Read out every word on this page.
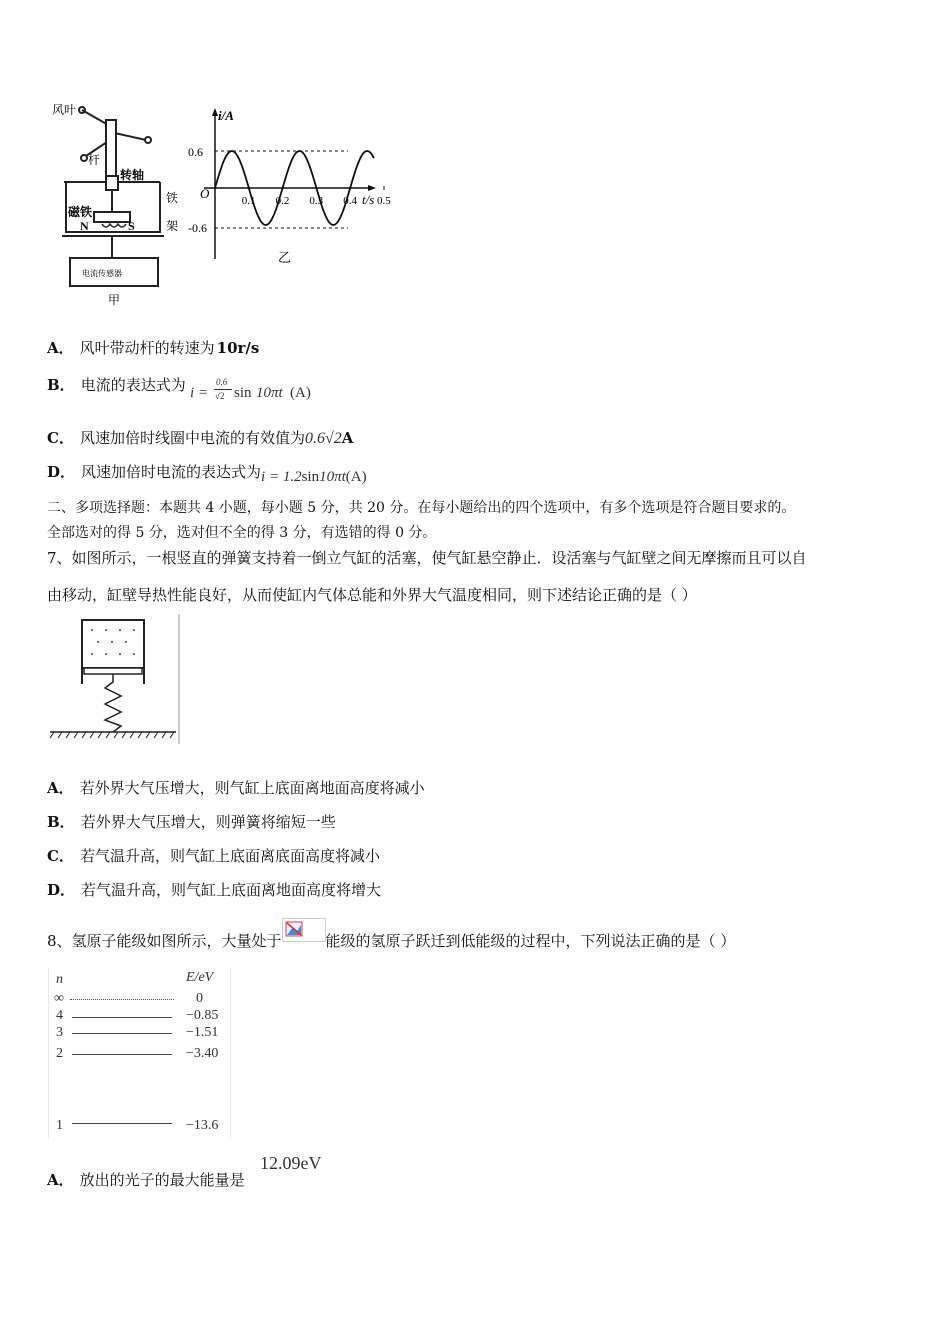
风叶
杆
转轴
磁铁
N	S
铁
架
电流传感器
甲
i/A
t/s
O
0.6
-0.6
0.1 0.2 0.3 0.4 0.5
乙
A． 风叶带动杆的转速为 10r/s
B． 电流的表达式为 i =
0.6
√2 sin 10πt (A)
C． 风速加倍时线圈中电流的有效值为0.6√2A
D． 风速加倍时电流的表达式为i = 1.2sin10πt(A)
二、多项选择题：本题共 4 小题，每小题 5 分，共 20 分。在每小题给出的四个选项中，有多个选项是符合题目要求的。
全部选对的得 5 分，选对但不全的得 3 分，有选错的得 0 分。
7、如图所示，一根竖直的弹簧支持着一倒立气缸的活塞，使气缸悬空静止．设活塞与气缸壁之间无摩擦而且可以自
由移动，缸壁导热性能良好，从而使缸内气体总能和外界大气温度相同，则下述结论正确的是（ ）
A． 若外界大气压增大，则气缸上底面离地面高度将减小
B． 若外界大气压增大，则弹簧将缩短一些
C． 若气温升高，则气缸上底面离底面高度将减小
D． 若气温升高，则气缸上底面离地面高度将增大
8、氢原子能级如图所示，大量处于	能级的氢原子跃迁到低能级的过程中，下列说法正确的是（ ）
n	E/eV
∞	0
4	−0.85
3	−1.51
2	−3.40
1	−13.6
A． 放出的光子的最大能量是
12.09eV
